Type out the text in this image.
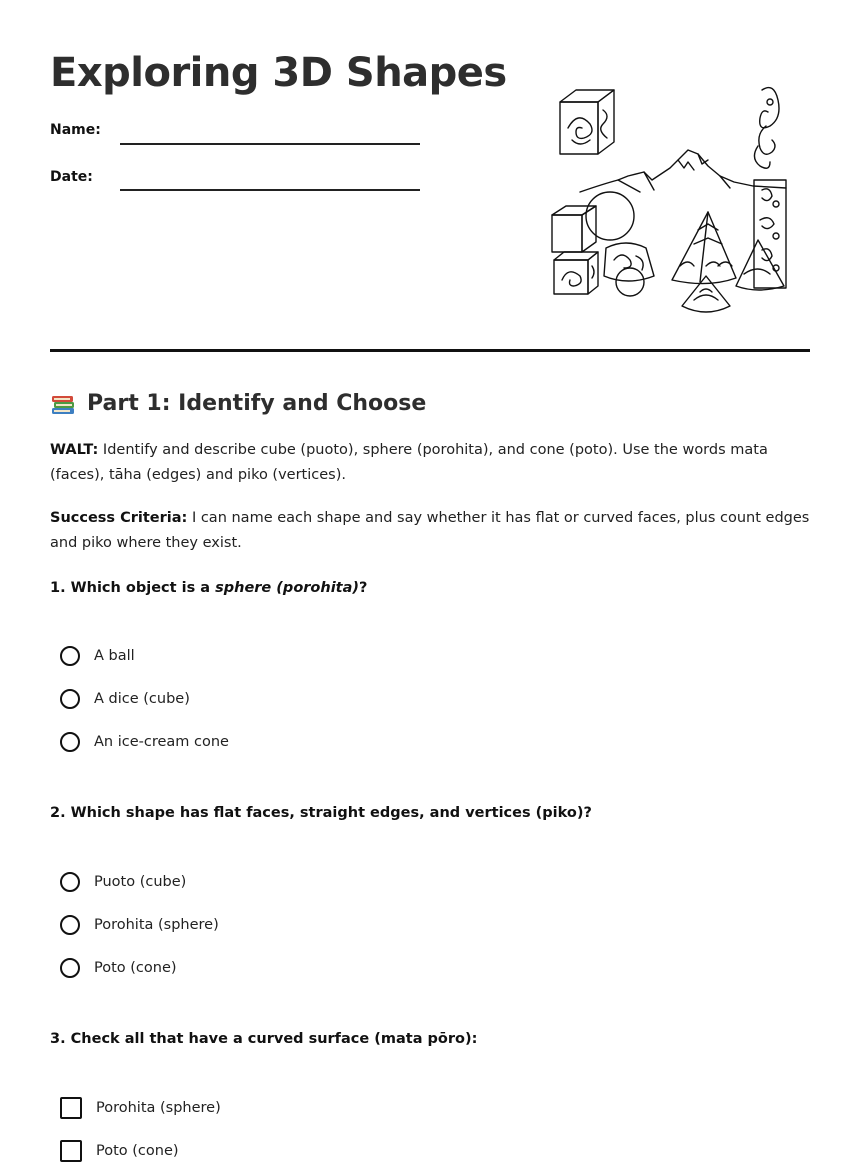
Exploring 3D Shapes
Name:
Date:
Part 1: Identify and Choose

WALT: Identify and describe cube (puoto), sphere (porohita), and cone (poto). Use the words mata (faces), tāha (edges) and piko (vertices).

Success Criteria: I can name each shape and say whether it has flat or curved faces, plus count edges and piko where they exist.

1. Which object is a sphere (porohita)?

A ball
A dice (cube)
An ice-cream cone

2. Which shape has flat faces, straight edges, and vertices (piko)?

Puoto (cube)
Porohita (sphere)
Poto (cone)

3. Check all that have a curved surface (mata pōro):

Porohita (sphere)
Poto (cone)
